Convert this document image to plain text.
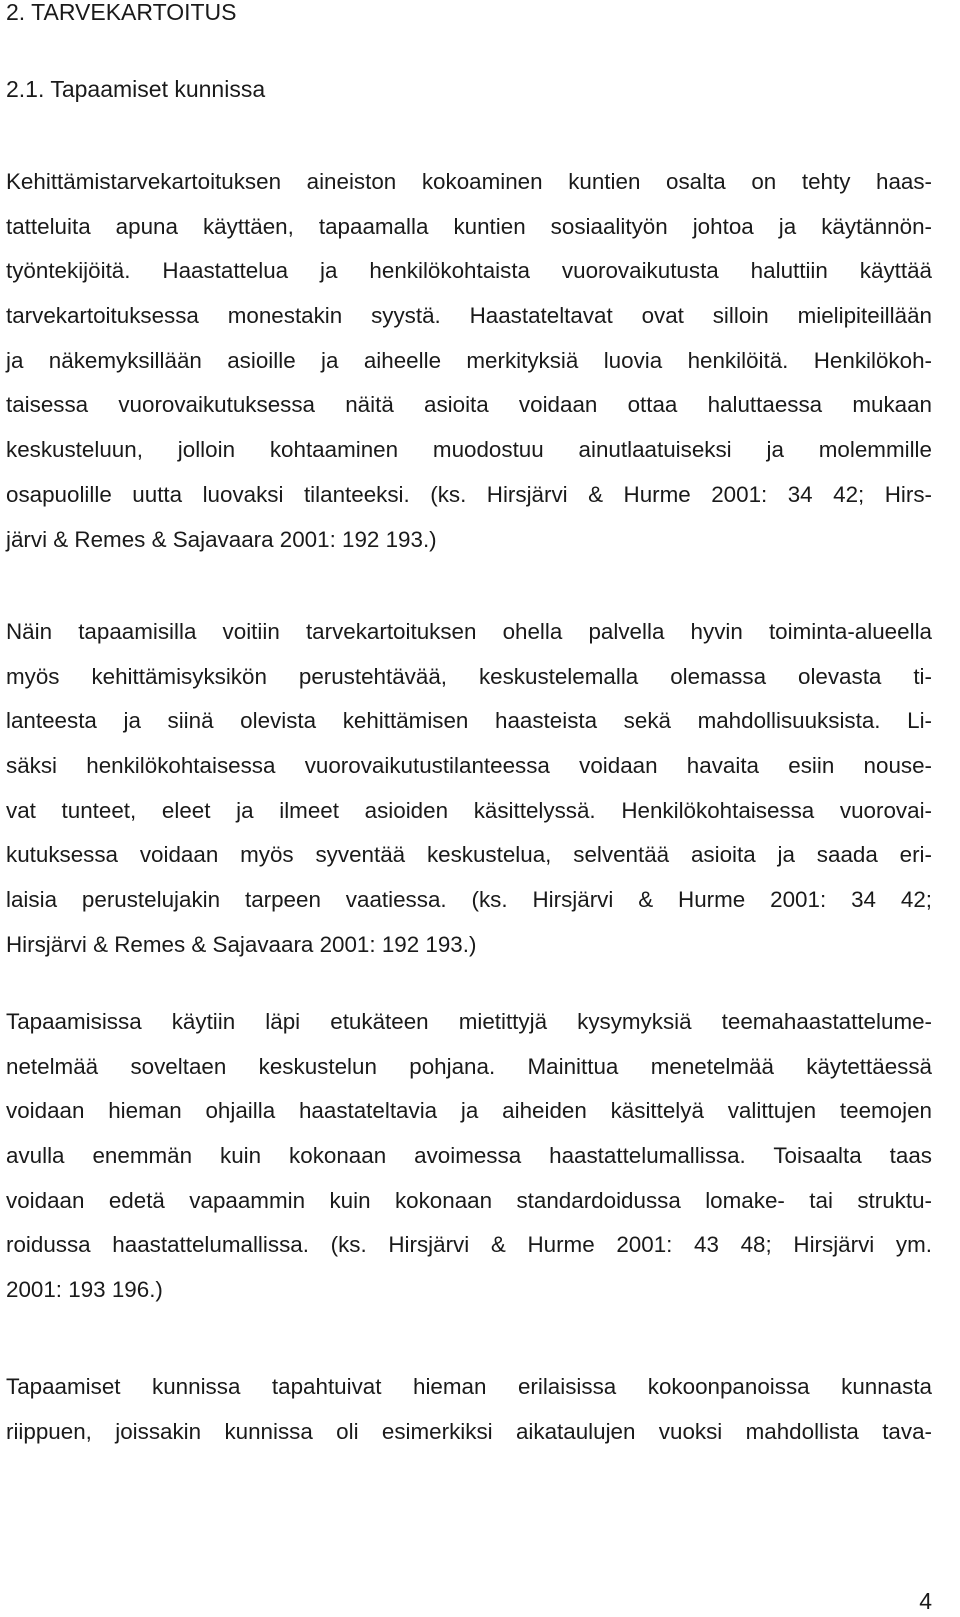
2. TARVEKARTOITUS
2.1. Tapaamiset kunnissa

Kehittämistarvekartoituksen aineiston kokoaminen kuntien osalta on tehty haas-
tatteluita apuna käyttäen, tapaamalla kuntien sosiaalityön johtoa ja käytännön-
työntekijöitä. Haastattelua ja henkilökohtaista vuorovaikutusta haluttiin käyttää
tarvekartoituksessa monestakin syystä. Haastateltavat ovat silloin mielipiteillään
ja näkemyksillään asioille ja aiheelle merkityksiä luovia henkilöitä. Henkilökoh-
taisessa vuorovaikutuksessa näitä asioita voidaan ottaa haluttaessa mukaan
keskusteluun, jolloin kohtaaminen muodostuu ainutlaatuiseksi ja molemmille
osapuolille uutta luovaksi tilanteeksi. (ks. Hirsjärvi & Hurme 2001: 34 42; Hirs-
järvi & Remes & Sajavaara 2001: 192 193.)

Näin tapaamisilla voitiin tarvekartoituksen ohella palvella hyvin toiminta-alueella
myös kehittämisyksikön perustehtävää, keskustelemalla olemassa olevasta ti-
lanteesta ja siinä olevista kehittämisen haasteista sekä mahdollisuuksista. Li-
säksi henkilökohtaisessa vuorovaikutustilanteessa voidaan havaita esiin nouse-
vat tunteet, eleet ja ilmeet asioiden käsittelyssä. Henkilökohtaisessa vuorovai-
kutuksessa voidaan myös syventää keskustelua, selventää asioita ja saada eri-
laisia perustelujakin tarpeen vaatiessa. (ks. Hirsjärvi & Hurme 2001: 34 42;
Hirsjärvi & Remes & Sajavaara 2001: 192 193.)

Tapaamisissa käytiin läpi etukäteen mietittyjä kysymyksiä teemahaastattelume-
netelmää soveltaen keskustelun pohjana. Mainittua menetelmää käytettäessä
voidaan hieman ohjailla haastateltavia ja aiheiden käsittelyä valittujen teemojen
avulla enemmän kuin kokonaan avoimessa haastattelumallissa. Toisaalta taas
voidaan edetä vapaammin kuin kokonaan standardoidussa lomake- tai struktu-
roidussa haastattelumallissa. (ks. Hirsjärvi & Hurme 2001: 43 48; Hirsjärvi ym.
2001: 193 196.)

Tapaamiset kunnissa tapahtuivat hieman erilaisissa kokoonpanoissa kunnasta
riippuen, joissakin kunnissa oli esimerkiksi aikataulujen vuoksi mahdollista tava-

4
